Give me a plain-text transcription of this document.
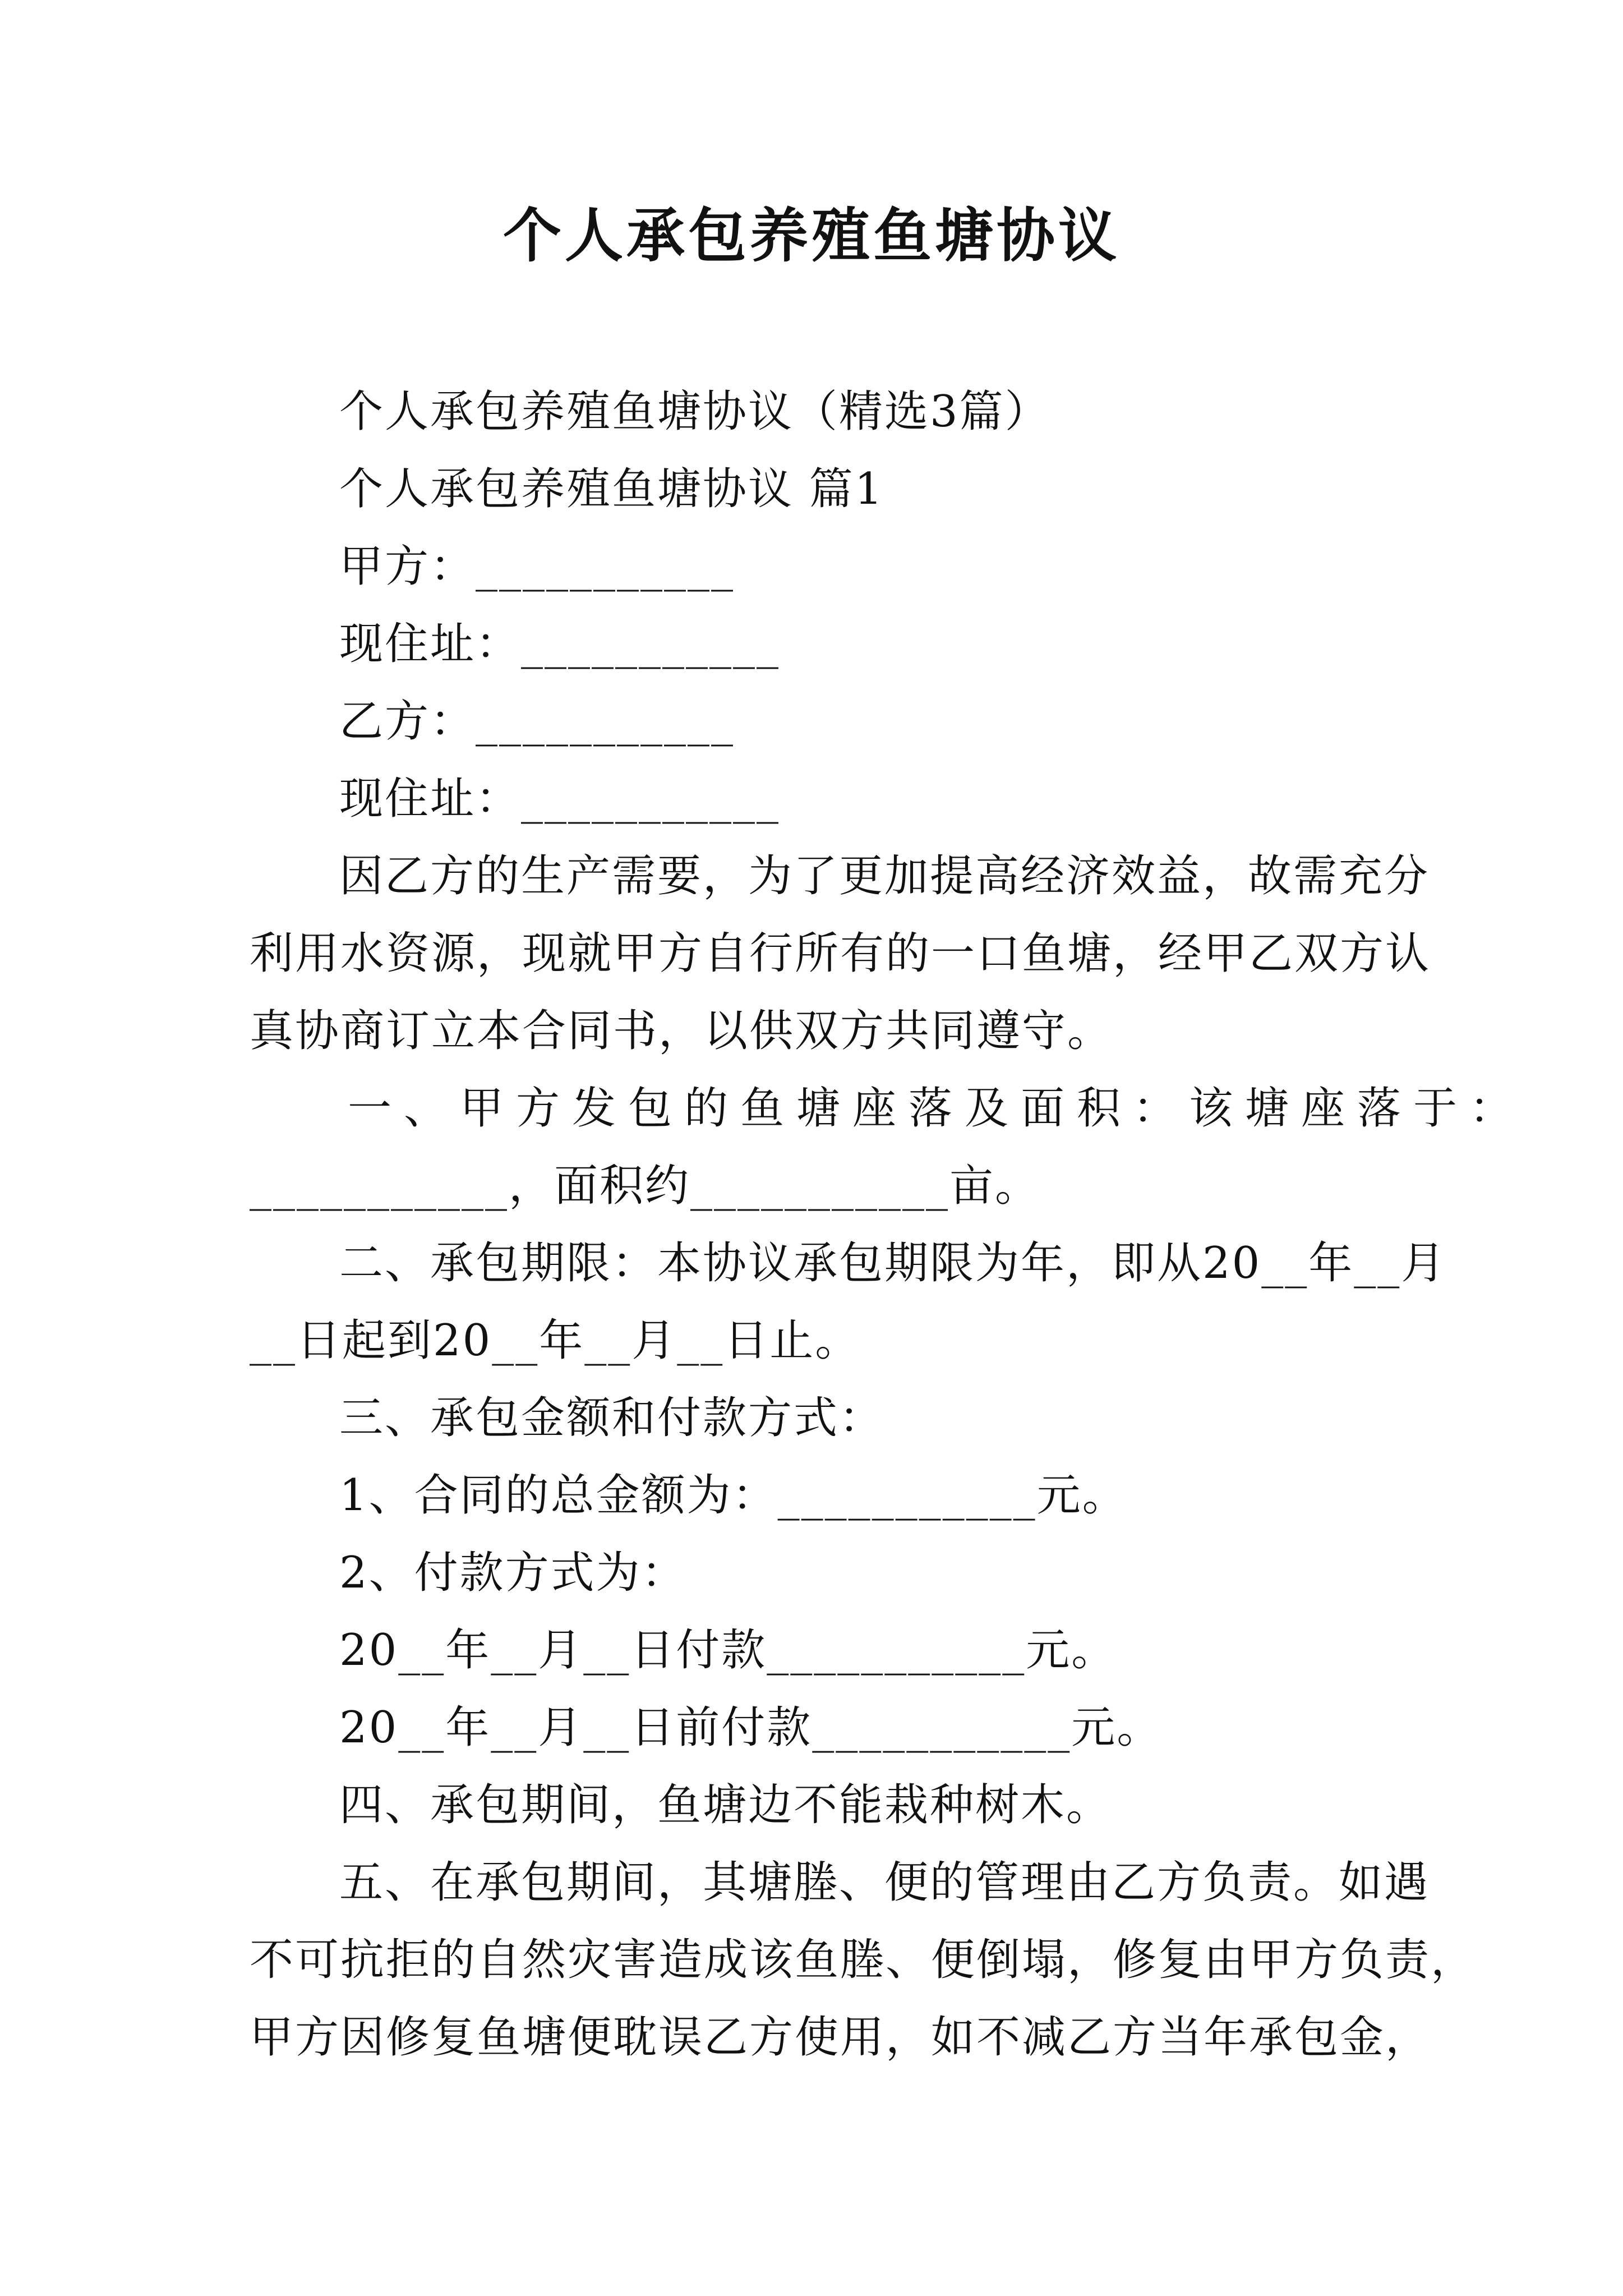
个人承包养殖鱼塘协议
个人承包养殖鱼塘协议（精选3篇）
个人承包养殖鱼塘协议 篇1
甲方：___________
现住址：___________
乙方：___________
现住址：___________
因乙方的生产需要，为了更加提高经济效益，故需充分
利用水资源，现就甲方自行所有的一口鱼塘，经甲乙双方认
真协商订立本合同书，以供双方共同遵守。
一、甲方发包的鱼塘座落及面积：该塘座落于：
___________，面积约___________亩。
二、承包期限：本协议承包期限为年，即从20__年__月
__日起到20__年__月__日止。
三、承包金额和付款方式：
1、合同的总金额为：___________元。
2、付款方式为：
20__年__月__日付款___________元。
20__年__月__日前付款___________元。
四、承包期间，鱼塘边不能栽种树木。
五、在承包期间，其塘塍、便的管理由乙方负责。如遇
不可抗拒的自然灾害造成该鱼塍、便倒塌，修复由甲方负责，
甲方因修复鱼塘便耽误乙方使用，如不减乙方当年承包金，
